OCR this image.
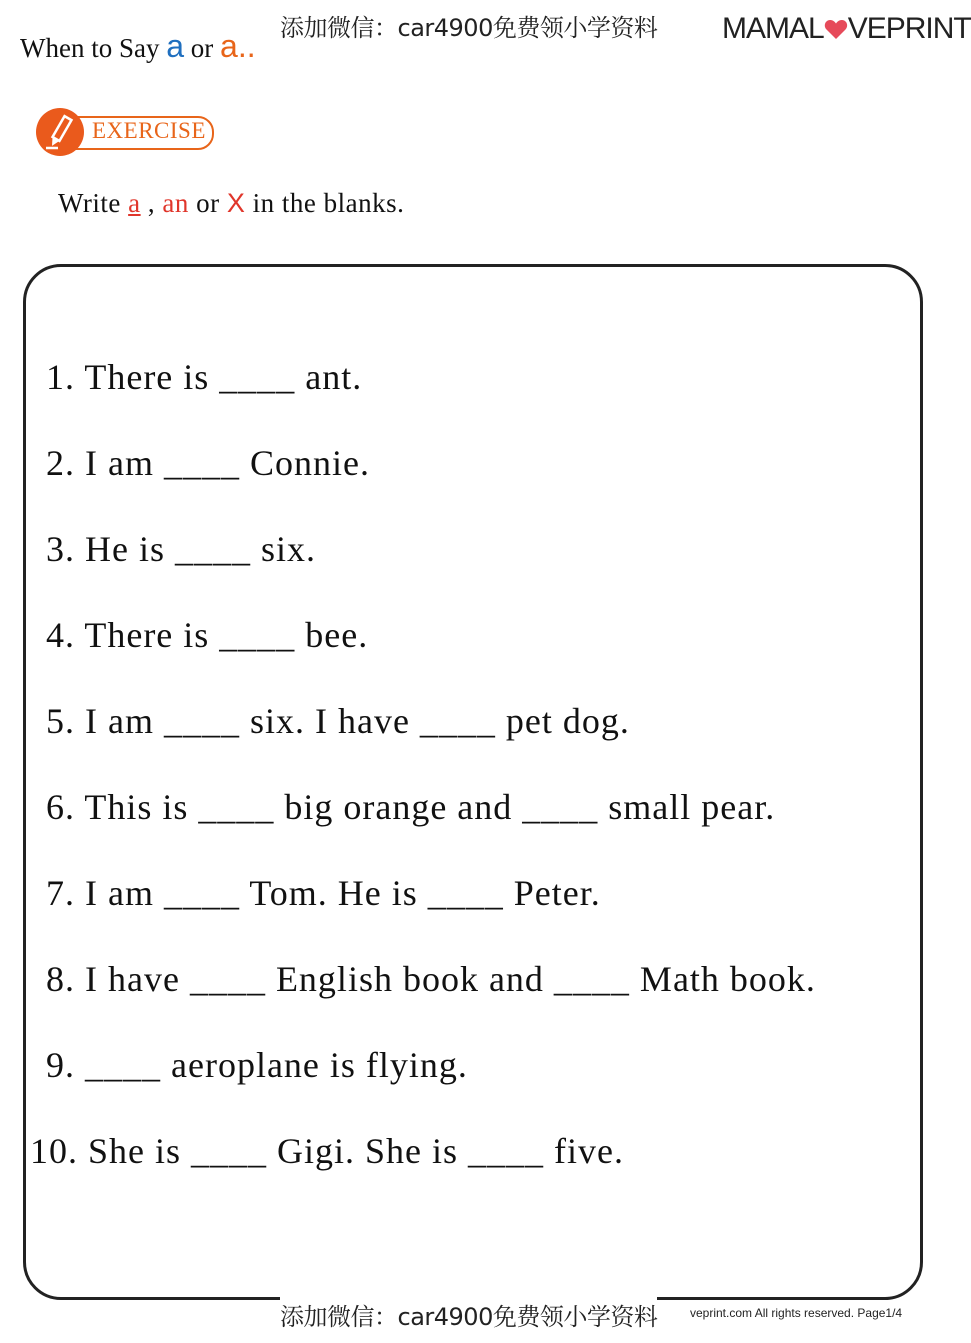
When to Say a or a.. 添加微信：car4900免费领小学资料 MAMAL VEPRINT
EXERCISE
Write a , an or X in the blanks.
1. There is ____ ant.
2. I am ____ Connie.
3. He is ____ six.
4. There is ____ bee.
5. I am ____ six. I have ____ pet dog.
6. This is ____ big orange and ____ small pear.
7. I am ____ Tom. He is ____ Peter.
8. I have ____ English book and ____ Math book.
9. ____ aeroplane is flying.
10. She is ____ Gigi. She is ____ five.
添加微信：car4900免费领小学资料	veprint.com All rights reserved. Page1/4
